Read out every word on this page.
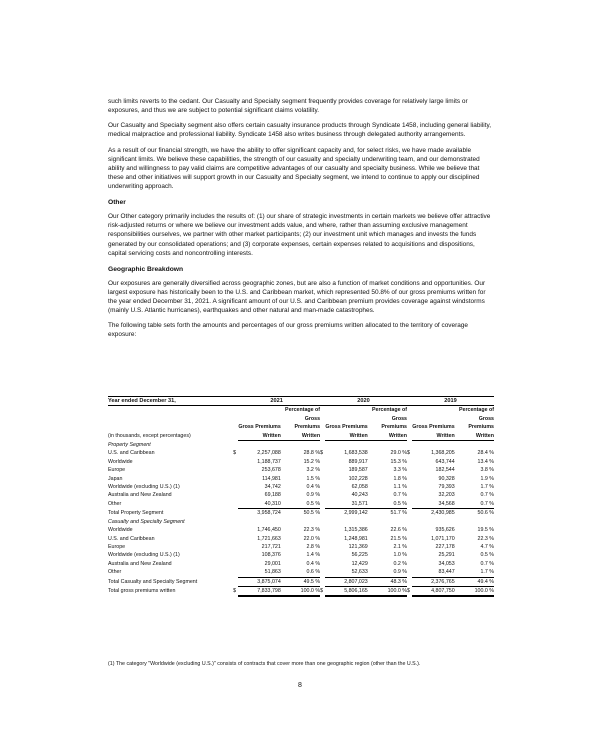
such limits reverts to the cedant. Our Casualty and Specialty segment frequently provides coverage for relatively large limits or exposures, and thus we are subject to potential significant claims volatility.

Our Casualty and Specialty segment also offers certain casualty insurance products through Syndicate 1458, including general liability, medical malpractice and professional liability. Syndicate 1458 also writes business through delegated authority arrangements.

As a result of our financial strength, we have the ability to offer significant capacity and, for select risks, we have made available significant limits. We believe these capabilities, the strength of our casualty and specialty underwriting team, and our demonstrated ability and willingness to pay valid claims are competitive advantages of our casualty and specialty business. While we believe that these and other initiatives will support growth in our Casualty and Specialty segment, we intend to continue to apply our disciplined underwriting approach.

Other

Our Other category primarily includes the results of: (1) our share of strategic investments in certain markets we believe offer attractive risk-adjusted returns or where we believe our investment adds value, and where, rather than assuming exclusive management responsibilities ourselves, we partner with other market participants; (2) our investment unit which manages and invests the funds generated by our consolidated operations; and (3) corporate expenses, certain expenses related to acquisitions and dispositions, capital servicing costs and noncontrolling interests.

Geographic Breakdown

Our exposures are generally diversified across geographic zones, but are also a function of market conditions and opportunities. Our largest exposure has historically been to the U.S. and Caribbean market, which represented 50.8% of our gross premiums written for the year ended December 31, 2021. A significant amount of our U.S. and Caribbean premium provides coverage against windstorms (mainly U.S. Atlantic hurricanes), earthquakes and other natural and man-made catastrophes.

The following table sets forth the amounts and percentages of our gross premiums written allocated to the territory of coverage exposure:

Year ended December 31,	2021			2020			2019		
(in thousands, except percentages)		Gross Premiums Written	Percentage of Gross Premiums Written		Gross Premiums Written	Percentage of Gross Premiums Written		Gross Premiums Written	Percentage of Gross Premiums Written
Property Segment									
U.S. and Caribbean	$	2,257,088	28.8 %	$	1,683,538	29.0 %	$	1,368,205	28.4 %
Worldwide		1,188,737	15.2 %		889,917	15.3 %		643,744	13.4 %
Europe		253,678	3.2 %		189,587	3.3 %		182,544	3.8 %
Japan		114,981	1.5 %		102,228	1.8 %		90,328	1.9 %
Worldwide (excluding U.S.) (1)		34,742	0.4 %		62,058	1.1 %		79,393	1.7 %
Australia and New Zealand		69,188	0.9 %		40,243	0.7 %		32,203	0.7 %
Other		40,310	0.5 %		31,571	0.5 %		34,568	0.7 %
Total Property Segment		3,958,724	50.5 %		2,999,142	51.7 %		2,430,985	50.6 %
Casualty and Specialty Segment									
Worldwide		1,746,450	22.3 %		1,315,386	22.6 %		935,626	19.5 %
U.S. and Caribbean		1,721,663	22.0 %		1,248,981	21.5 %		1,071,170	22.3 %
Europe		217,721	2.8 %		121,369	2.1 %		227,178	4.7 %
Worldwide (excluding U.S.) (1)		108,376	1.4 %		56,225	1.0 %		25,291	0.5 %
Australia and New Zealand		29,001	0.4 %		12,429	0.2 %		34,053	0.7 %
Other		51,863	0.6 %		52,633	0.9 %		83,447	1.7 %
Total Casualty and Specialty Segment		3,875,074	49.5 %		2,807,023	48.3 %		2,376,765	49.4 %
Total gross premiums written	$	7,833,798	100.0 %	$	5,806,165	100.0 %	$	4,807,750	100.0 %
(1) The category "Worldwide (excluding U.S.)" consists of contracts that cover more than one geographic region (other than the U.S.).
8
